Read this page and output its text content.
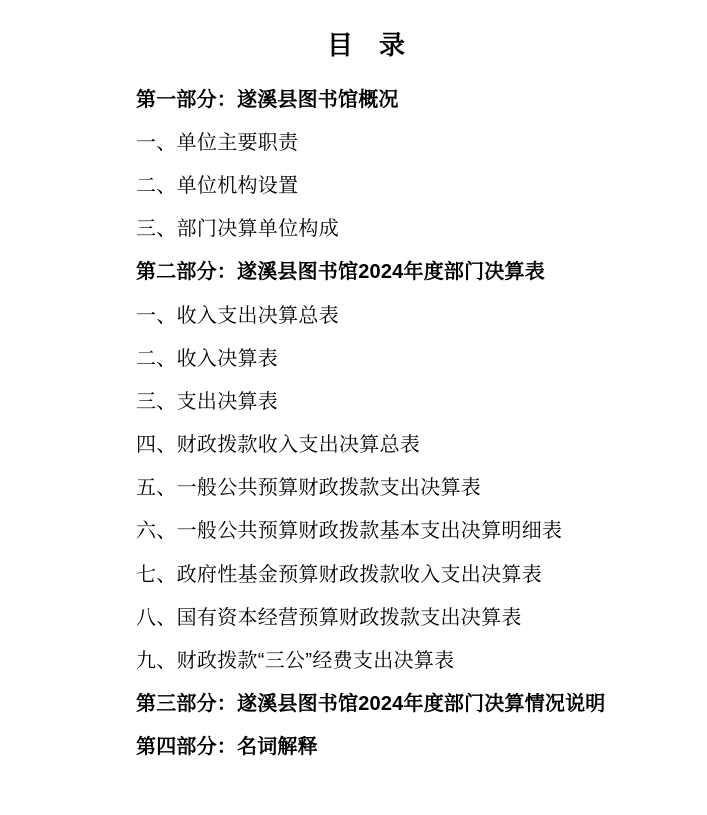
目　录
第一部分：遂溪县图书馆概况
一、单位主要职责
二、单位机构设置
三、部门决算单位构成
第二部分：遂溪县图书馆2024年度部门决算表
一、收入支出决算总表
二、收入决算表
三、支出决算表
四、财政拨款收入支出决算总表
五、一般公共预算财政拨款支出决算表
六、一般公共预算财政拨款基本支出决算明细表
七、政府性基金预算财政拨款收入支出决算表
八、国有资本经营预算财政拨款支出决算表
九、财政拨款“三公”经费支出决算表
第三部分：遂溪县图书馆2024年度部门决算情况说明
第四部分：名词解释
